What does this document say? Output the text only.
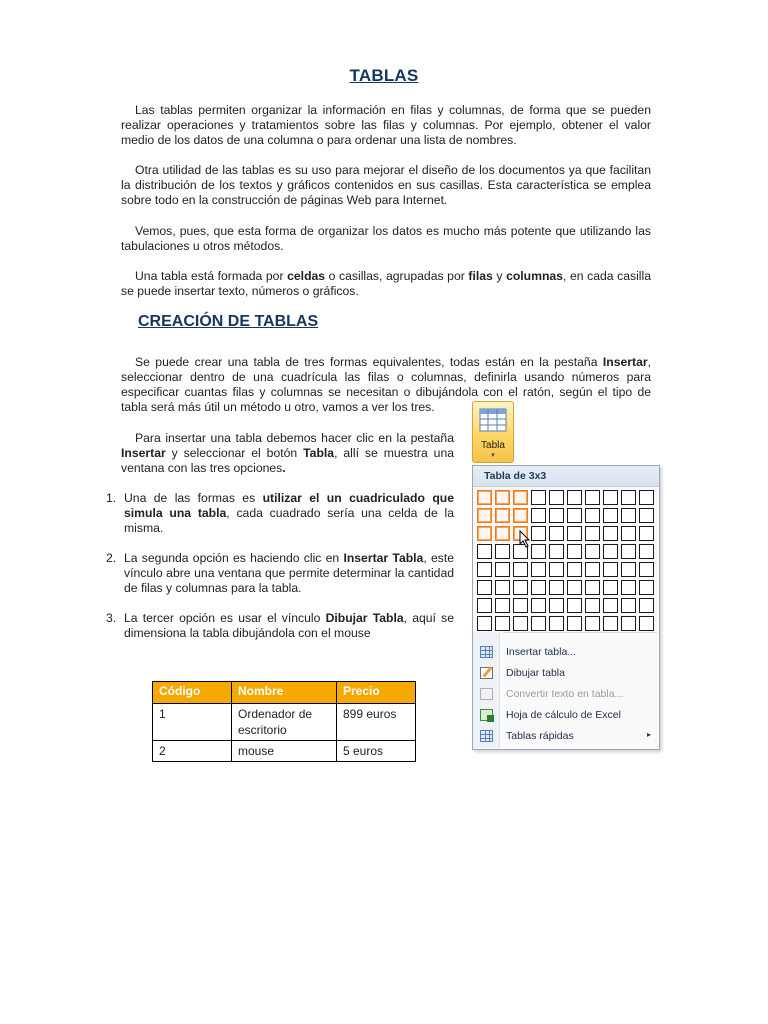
TABLAS
Las tablas permiten organizar la información en filas y columnas, de forma que se pueden realizar operaciones y tratamientos sobre las filas y columnas. Por ejemplo, obtener el valor medio de los datos de una columna o para ordenar una lista de nombres.
Otra utilidad de las tablas es su uso para mejorar el diseño de los documentos ya que facilitan la distribución de los textos y gráficos contenidos en sus casillas. Esta característica se emplea sobre todo en la construcción de páginas Web para Internet.
Vemos, pues, que esta forma de organizar los datos es mucho más potente que utilizando las tabulaciones u otros métodos.
Una tabla está formada por celdas o casillas, agrupadas por filas y columnas, en cada casilla se puede insertar texto, números o gráficos.
CREACIÓN DE TABLAS
Se puede crear una tabla de tres formas equivalentes, todas están en la pestaña Insertar, seleccionar dentro de una cuadrícula las filas o columnas, definirla usando números para especificar cuantas filas y columnas se necesitan o dibujándola con el ratón, según el tipo de tabla será más útil un método u otro, vamos a ver los tres.
Para insertar una tabla debemos hacer clic en la pestaña Insertar y seleccionar el botón Tabla, allí se muestra una ventana con las tres opciones.
1. Una de las formas es utilizar el un cuadriculado que simula una tabla, cada cuadrado sería una celda de la misma.
2. La segunda opción es haciendo clic en Insertar Tabla, este vínculo abre una ventana que permite determinar la cantidad de filas y columnas para la tabla.
3. La tercer opción es usar el vínculo Dibujar Tabla, aquí se dimensiona la tabla dibujándola con el mouse
Código	Nombre	Precio
1	Ordenador de escritorio	899 euros
2	mouse	5 euros
Tabla
▾
Tabla de 3x3
Insertar tabla...
Dibujar tabla
Convertir texto en tabla...
Hoja de cálculo de Excel
Tablas rápidas	▸
